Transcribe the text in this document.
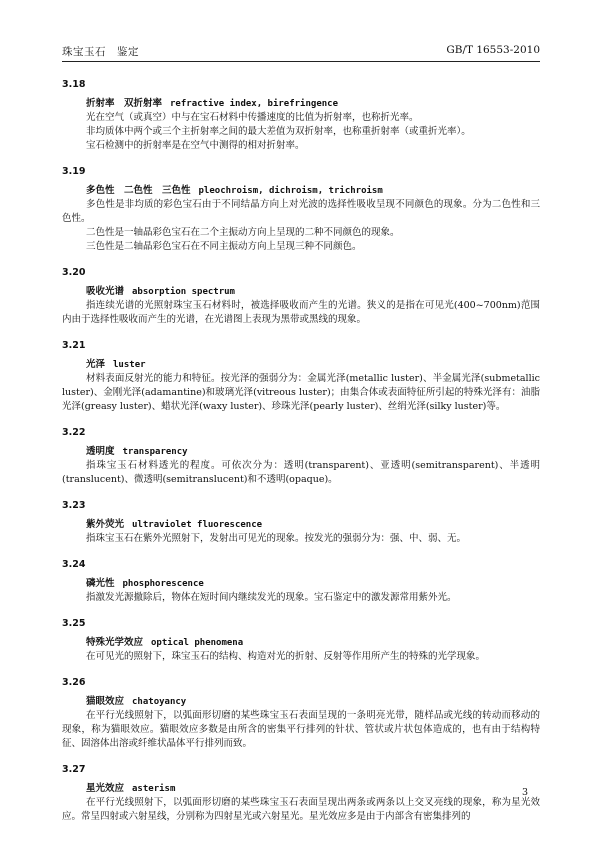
珠宝玉石　鉴定	GB/T 16553-2010

3.18

折射率　双折射率 refractive index, birefringence

光在空气（或真空）中与在宝石材料中传播速度的比值为折射率，也称折光率。

非均质体中两个或三个主折射率之间的最大差值为双折射率，也称重折射率（或重折光率）。

宝石检测中的折射率是在空气中测得的相对折射率。

3.19

多色性　二色性　三色性 pleochroism, dichroism, trichroism

多色性是非均质的彩色宝石由于不同结晶方向上对光波的选择性吸收呈现不同颜色的现象。分为二色性和三色性。

二色性是一轴晶彩色宝石在二个主振动方向上呈现的二种不同颜色的现象。

三色性是二轴晶彩色宝石在不同主振动方向上呈现三种不同颜色。

3.20

吸收光谱 absorption spectrum

指连续光谱的光照射珠宝玉石材料时，被选择吸收而产生的光谱。狭义的是指在可见光(400~700nm)范围内由于选择性吸收而产生的光谱，在光谱图上表现为黑带或黑线的现象。

3.21

光泽 luster

材料表面反射光的能力和特征。按光泽的强弱分为：金属光泽(metallic luster)、半金属光泽(submetallic luster)、金刚光泽(adamantine)和玻璃光泽(vitreous luster)；由集合体或表面特征所引起的特殊光泽有：油脂光泽(greasy luster)、蜡状光泽(waxy luster)、珍珠光泽(pearly luster)、丝绢光泽(silky luster)等。

3.22

透明度 transparency

指珠宝玉石材料透光的程度。可依次分为：透明(transparent)、亚透明(semitransparent)、半透明(translucent)、微透明(semitranslucent)和不透明(opaque)。

3.23

紫外荧光 ultraviolet fluorescence

指珠宝玉石在紫外光照射下，发射出可见光的现象。按发光的强弱分为：强、中、弱、无。

3.24

磷光性 phosphorescence

指激发光源撤除后，物体在短时间内继续发光的现象。宝石鉴定中的激发源常用紫外光。

3.25

特殊光学效应 optical phenomena

在可见光的照射下，珠宝玉石的结构、构造对光的折射、反射等作用所产生的特殊的光学现象。

3.26

猫眼效应 chatoyancy

在平行光线照射下，以弧面形切磨的某些珠宝玉石表面呈现的一条明亮光带，随样品或光线的转动而移动的现象，称为猫眼效应。猫眼效应多数是由所含的密集平行排列的针状、管状或片状包体造成的，也有由于结构特征、固溶体出溶或纤维状晶体平行排列而致。

3.27

星光效应 asterism

在平行光线照射下，以弧面形切磨的某些珠宝玉石表面呈现出两条或两条以上交叉亮线的现象，称为星光效应。常呈四射或六射星线，分别称为四射星光或六射星光。星光效应多是由于内部含有密集排列的

3
